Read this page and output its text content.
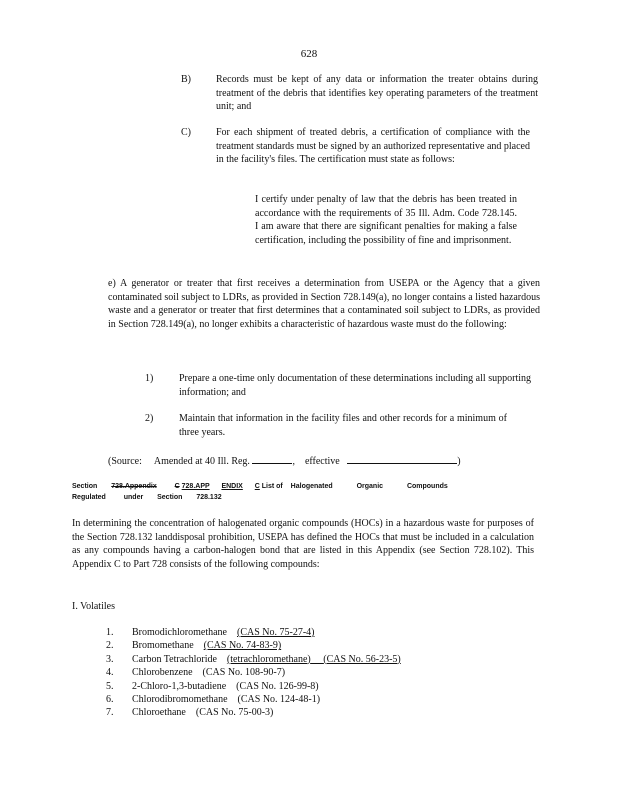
628
B)	Records must be kept of any data or information the treater obtains during treatment of the debris that identifies key operating parameters of the treatment unit; and
C)	For each shipment of treated debris, a certification of compliance with the treatment standards must be signed by an authorized representative and placed in the facility's files. The certification must state as follows:
I certify under penalty of law that the debris has been treated in accordance with the requirements of 35 Ill. Adm. Code 728.145. I am aware that there are significant penalties for making a false certification, including the possibility of fine and imprisonment.
e) A generator or treater that first receives a determination from USEPA or the Agency that a given contaminated soil subject to LDRs, as provided in Section 728.149(a), no longer contains a listed hazardous waste and a generator or treater that first determines that a contaminated soil subject to LDRs, as provided in Section 728.149(a), no longer exhibits a characteristic of hazardous waste must do the following:
1)	Prepare a one-time only documentation of these determinations including all supporting information; and
2)	Maintain that information in the facility files and other records for a minimum of three years.
(Source: Amended at 40 Ill. Reg.	,    effective	)
Section 728.Appendix	C 728.APP ENDIX C List of Halogenated	Organic	Compounds
Regulated	under Section 728.132
In determining the concentration of halogenated organic compounds (HOCs) in a hazardous waste for purposes of the Section 728.132 landdisposal prohibition, USEPA has defined the HOCs that must be included in a calculation as any compounds having a carbon-halogen bond that are listed in this Appendix (see Section 728.102). This Appendix C to Part 728 consists of the following compounds:
I. Volatiles
1. Bromodichloromethane (CAS No. 75-27-4)
2. Bromomethane (CAS No. 74-83-9)
3. Carbon Tetrachloride (tetrachloromethane) (CAS No. 56-23-5)
4. Chlorobenzene (CAS No. 108-90-7)
5. 2-Chloro-1,3-butadiene (CAS No. 126-99-8)
6. Chlorodibromomethane (CAS No. 124-48-1)
7. Chloroethane (CAS No. 75-00-3)
